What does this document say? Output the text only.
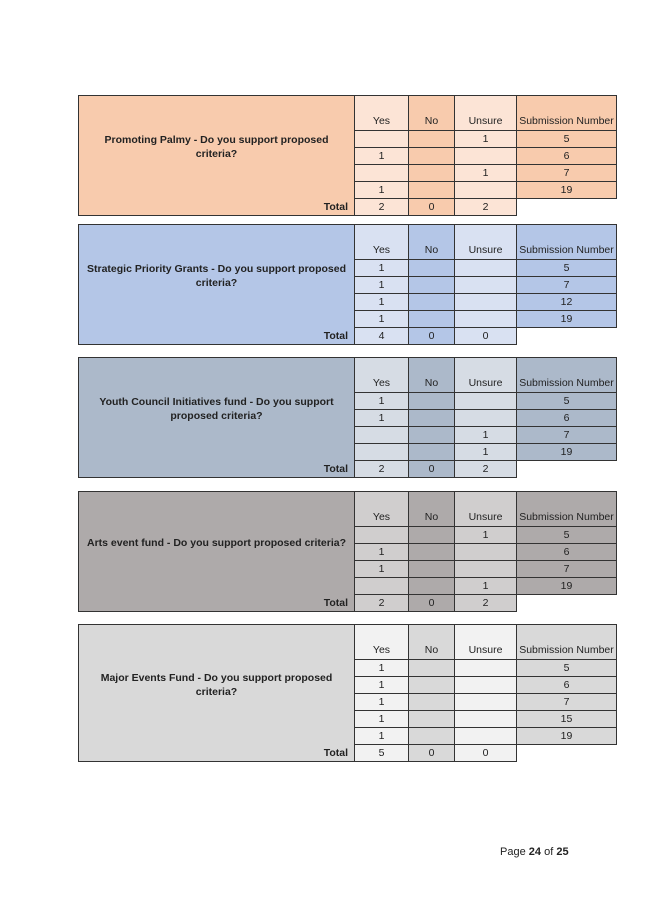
Promoting Palmy - Do you support proposed criteria?	Yes	No	Unsure	Submission Number
			1	5
	1			6
			1	7
	1			19
Total	2	0	2	
Strategic Priority Grants - Do you support proposed criteria?	Yes	No	Unsure	Submission Number
	1			5
	1			7
	1			12
	1			19
Total	4	0	0	
Youth Council Initiatives fund - Do you support proposed criteria?	Yes	No	Unsure	Submission Number
	1			5
	1			6
			1	7
			1	19
Total	2	0	2	
Arts event fund - Do you support proposed criteria?	Yes	No	Unsure	Submission Number
			1	5
	1			6
	1			7
			1	19
Total	2	0	2	
Major Events Fund - Do you support proposed criteria?	Yes	No	Unsure	Submission Number
	1			5
	1			6
	1			7
	1			15
	1			19
Total	5	0	0	
Page 24 of 25
